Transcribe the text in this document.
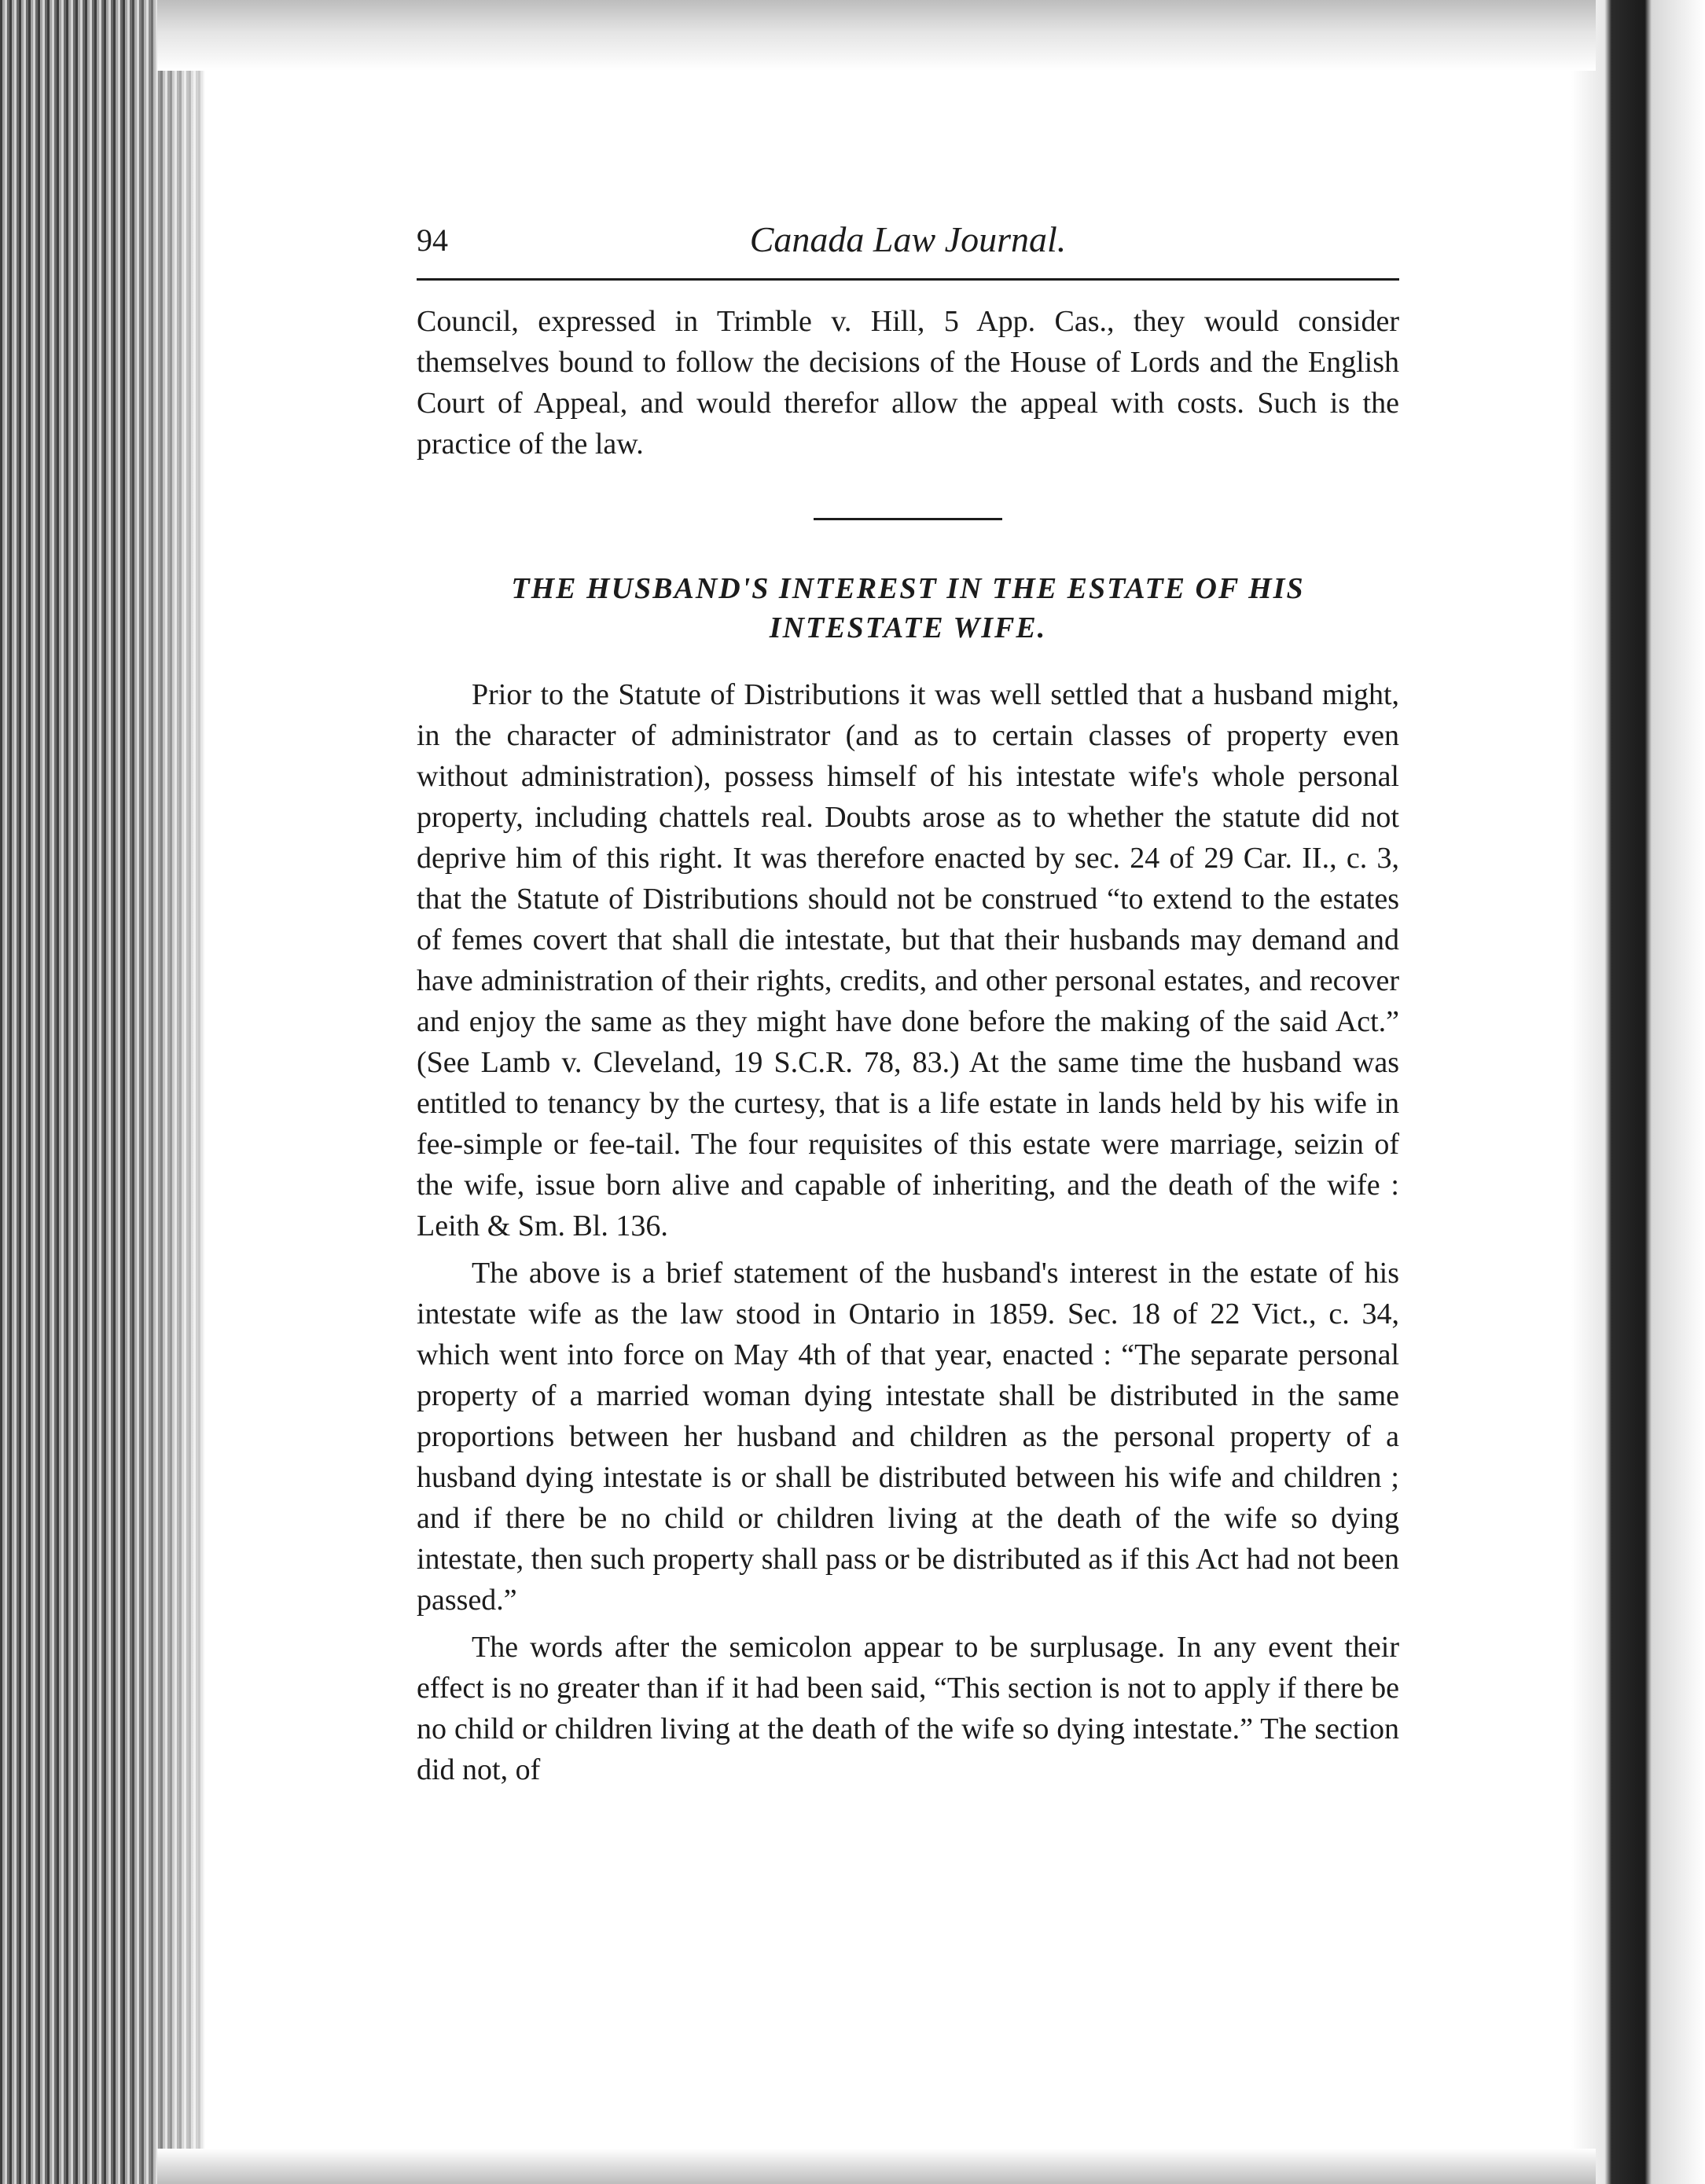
94	Canada Law Journal.

Council, expressed in Trimble v. Hill, 5 App. Cas., they would consider themselves bound to follow the decisions of the House of Lords and the English Court of Appeal, and would therefor allow the appeal with costs. Such is the practice of the law.

THE HUSBAND'S INTEREST IN THE ESTATE OF HIS
INTESTATE WIFE.

Prior to the Statute of Distributions it was well settled that a husband might, in the character of administrator (and as to certain classes of property even without administration), possess himself of his intestate wife's whole personal property, including chattels real. Doubts arose as to whether the statute did not deprive him of this right. It was therefore enacted by sec. 24 of 29 Car. II., c. 3, that the Statute of Distributions should not be construed “to extend to the estates of femes covert that shall die intestate, but that their husbands may demand and have administration of their rights, credits, and other personal estates, and recover and enjoy the same as they might have done before the making of the said Act.” (See Lamb v. Cleveland, 19 S.C.R. 78, 83.) At the same time the husband was entitled to tenancy by the curtesy, that is a life estate in lands held by his wife in fee-simple or fee-tail. The four requisites of this estate were marriage, seizin of the wife, issue born alive and capable of inheriting, and the death of the wife : Leith & Sm. Bl. 136.

The above is a brief statement of the husband's interest in the estate of his intestate wife as the law stood in Ontario in 1859. Sec. 18 of 22 Vict., c. 34, which went into force on May 4th of that year, enacted : “The separate personal property of a married woman dying intestate shall be distributed in the same proportions between her husband and children as the personal property of a husband dying intestate is or shall be distributed between his wife and children ; and if there be no child or children living at the death of the wife so dying intestate, then such property shall pass or be distributed as if this Act had not been passed.”

The words after the semicolon appear to be surplusage. In any event their effect is no greater than if it had been said, “This section is not to apply if there be no child or children living at the death of the wife so dying intestate.” The section did not, of
